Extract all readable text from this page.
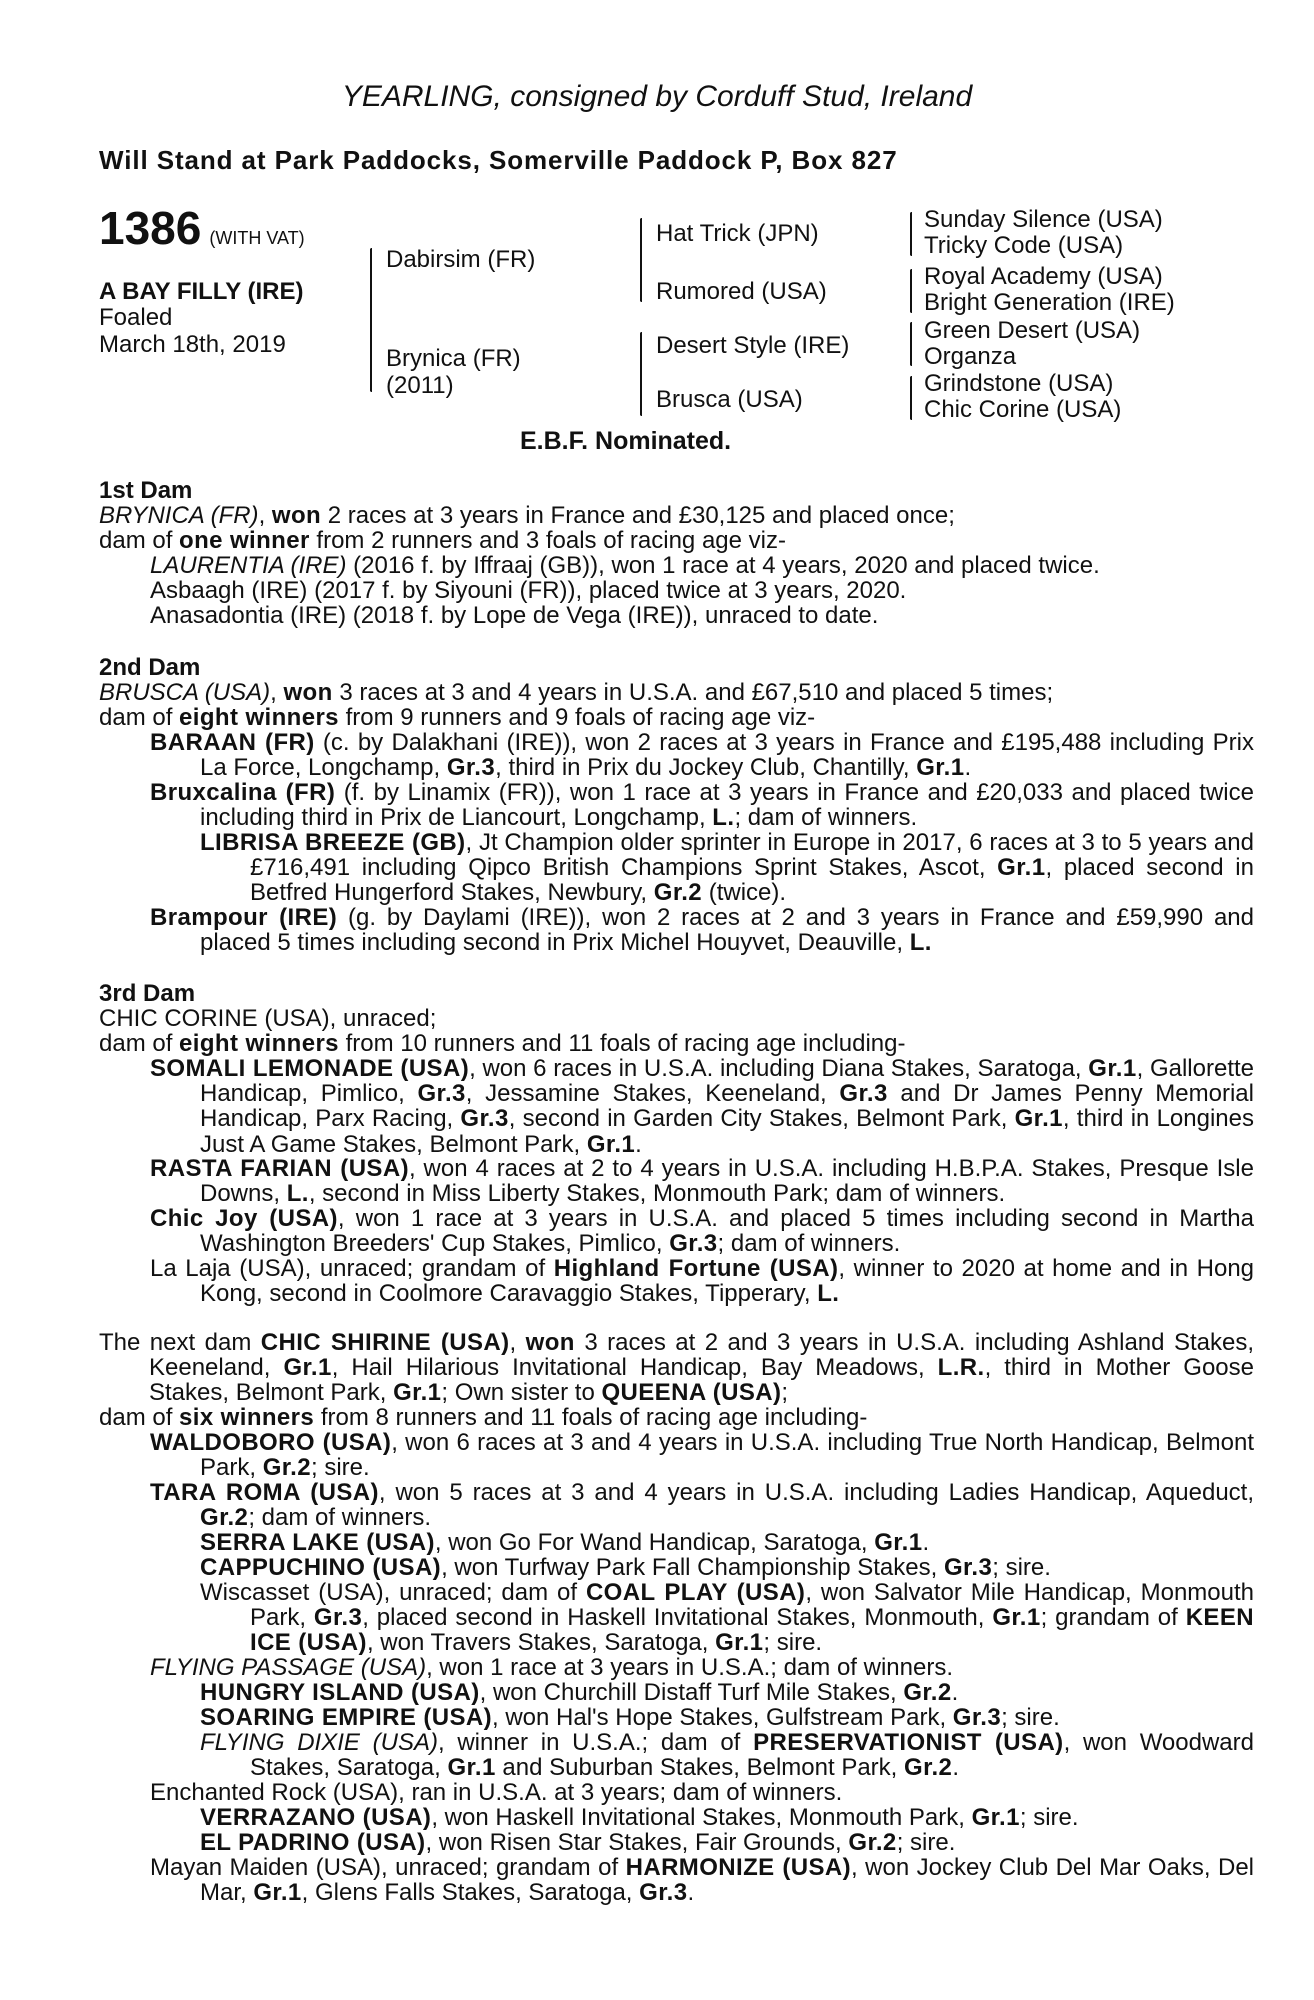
YEARLING, consigned by Corduff Stud, Ireland
Will Stand at Park Paddocks, Somerville Paddock P, Box 827
1386 (WITH VAT)
A BAY FILLY (IRE)
Foaled
March 18th, 2019
Dabirsim (FR)
Brynica (FR)
(2011)
Hat Trick (JPN)
Rumored (USA)
Desert Style (IRE)
Brusca (USA)
Sunday Silence (USA)
Tricky Code (USA)
Royal Academy (USA)
Bright Generation (IRE)
Green Desert (USA)
Organza
Grindstone (USA)
Chic Corine (USA)
E.B.F. Nominated.
1st Dam
BRYNICA (FR), won 2 races at 3 years in France and £30,125 and placed once;
dam of one winner from 2 runners and 3 foals of racing age viz-
LAURENTIA (IRE) (2016 f. by Iffraaj (GB)), won 1 race at 4 years, 2020 and placed twice.
Asbaagh (IRE) (2017 f. by Siyouni (FR)), placed twice at 3 years, 2020.
Anasadontia (IRE) (2018 f. by Lope de Vega (IRE)), unraced to date.
2nd Dam
BRUSCA (USA), won 3 races at 3 and 4 years in U.S.A. and £67,510 and placed 5 times;
dam of eight winners from 9 runners and 9 foals of racing age viz-
BARAAN (FR) (c. by Dalakhani (IRE)), won 2 races at 3 years in France and £195,488 including Prix La Force, Longchamp, Gr.3, third in Prix du Jockey Club, Chantilly, Gr.1.
Bruxcalina (FR) (f. by Linamix (FR)), won 1 race at 3 years in France and £20,033 and placed twice including third in Prix de Liancourt, Longchamp, L.; dam of winners.
LIBRISA BREEZE (GB), Jt Champion older sprinter in Europe in 2017, 6 races at 3 to 5 years and £716,491 including Qipco British Champions Sprint Stakes, Ascot, Gr.1, placed second in Betfred Hungerford Stakes, Newbury, Gr.2 (twice).
Brampour (IRE) (g. by Daylami (IRE)), won 2 races at 2 and 3 years in France and £59,990 and placed 5 times including second in Prix Michel Houyvet, Deauville, L.
3rd Dam
CHIC CORINE (USA), unraced;
dam of eight winners from 10 runners and 11 foals of racing age including-
SOMALI LEMONADE (USA), won 6 races in U.S.A. including Diana Stakes, Saratoga, Gr.1, Gallorette Handicap, Pimlico, Gr.3, Jessamine Stakes, Keeneland, Gr.3 and Dr James Penny Memorial Handicap, Parx Racing, Gr.3, second in Garden City Stakes, Belmont Park, Gr.1, third in Longines Just A Game Stakes, Belmont Park, Gr.1.
RASTA FARIAN (USA), won 4 races at 2 to 4 years in U.S.A. including H.B.P.A. Stakes, Presque Isle Downs, L., second in Miss Liberty Stakes, Monmouth Park; dam of winners.
Chic Joy (USA), won 1 race at 3 years in U.S.A. and placed 5 times including second in Martha Washington Breeders' Cup Stakes, Pimlico, Gr.3; dam of winners.
La Laja (USA), unraced; grandam of Highland Fortune (USA), winner to 2020 at home and in Hong Kong, second in Coolmore Caravaggio Stakes, Tipperary, L.
The next dam CHIC SHIRINE (USA), won 3 races at 2 and 3 years in U.S.A. including Ashland Stakes, Keeneland, Gr.1, Hail Hilarious Invitational Handicap, Bay Meadows, L.R., third in Mother Goose Stakes, Belmont Park, Gr.1; Own sister to QUEENA (USA);
dam of six winners from 8 runners and 11 foals of racing age including-
WALDOBORO (USA), won 6 races at 3 and 4 years in U.S.A. including True North Handicap, Belmont Park, Gr.2; sire.
TARA ROMA (USA), won 5 races at 3 and 4 years in U.S.A. including Ladies Handicap, Aqueduct, Gr.2; dam of winners.
SERRA LAKE (USA), won Go For Wand Handicap, Saratoga, Gr.1.
CAPPUCHINO (USA), won Turfway Park Fall Championship Stakes, Gr.3; sire.
Wiscasset (USA), unraced; dam of COAL PLAY (USA), won Salvator Mile Handicap, Monmouth Park, Gr.3, placed second in Haskell Invitational Stakes, Monmouth, Gr.1; grandam of KEEN ICE (USA), won Travers Stakes, Saratoga, Gr.1; sire.
FLYING PASSAGE (USA), won 1 race at 3 years in U.S.A.; dam of winners.
HUNGRY ISLAND (USA), won Churchill Distaff Turf Mile Stakes, Gr.2.
SOARING EMPIRE (USA), won Hal's Hope Stakes, Gulfstream Park, Gr.3; sire.
FLYING DIXIE (USA), winner in U.S.A.; dam of PRESERVATIONIST (USA), won Woodward Stakes, Saratoga, Gr.1 and Suburban Stakes, Belmont Park, Gr.2.
Enchanted Rock (USA), ran in U.S.A. at 3 years; dam of winners.
VERRAZANO (USA), won Haskell Invitational Stakes, Monmouth Park, Gr.1; sire.
EL PADRINO (USA), won Risen Star Stakes, Fair Grounds, Gr.2; sire.
Mayan Maiden (USA), unraced; grandam of HARMONIZE (USA), won Jockey Club Del Mar Oaks, Del Mar, Gr.1, Glens Falls Stakes, Saratoga, Gr.3.
